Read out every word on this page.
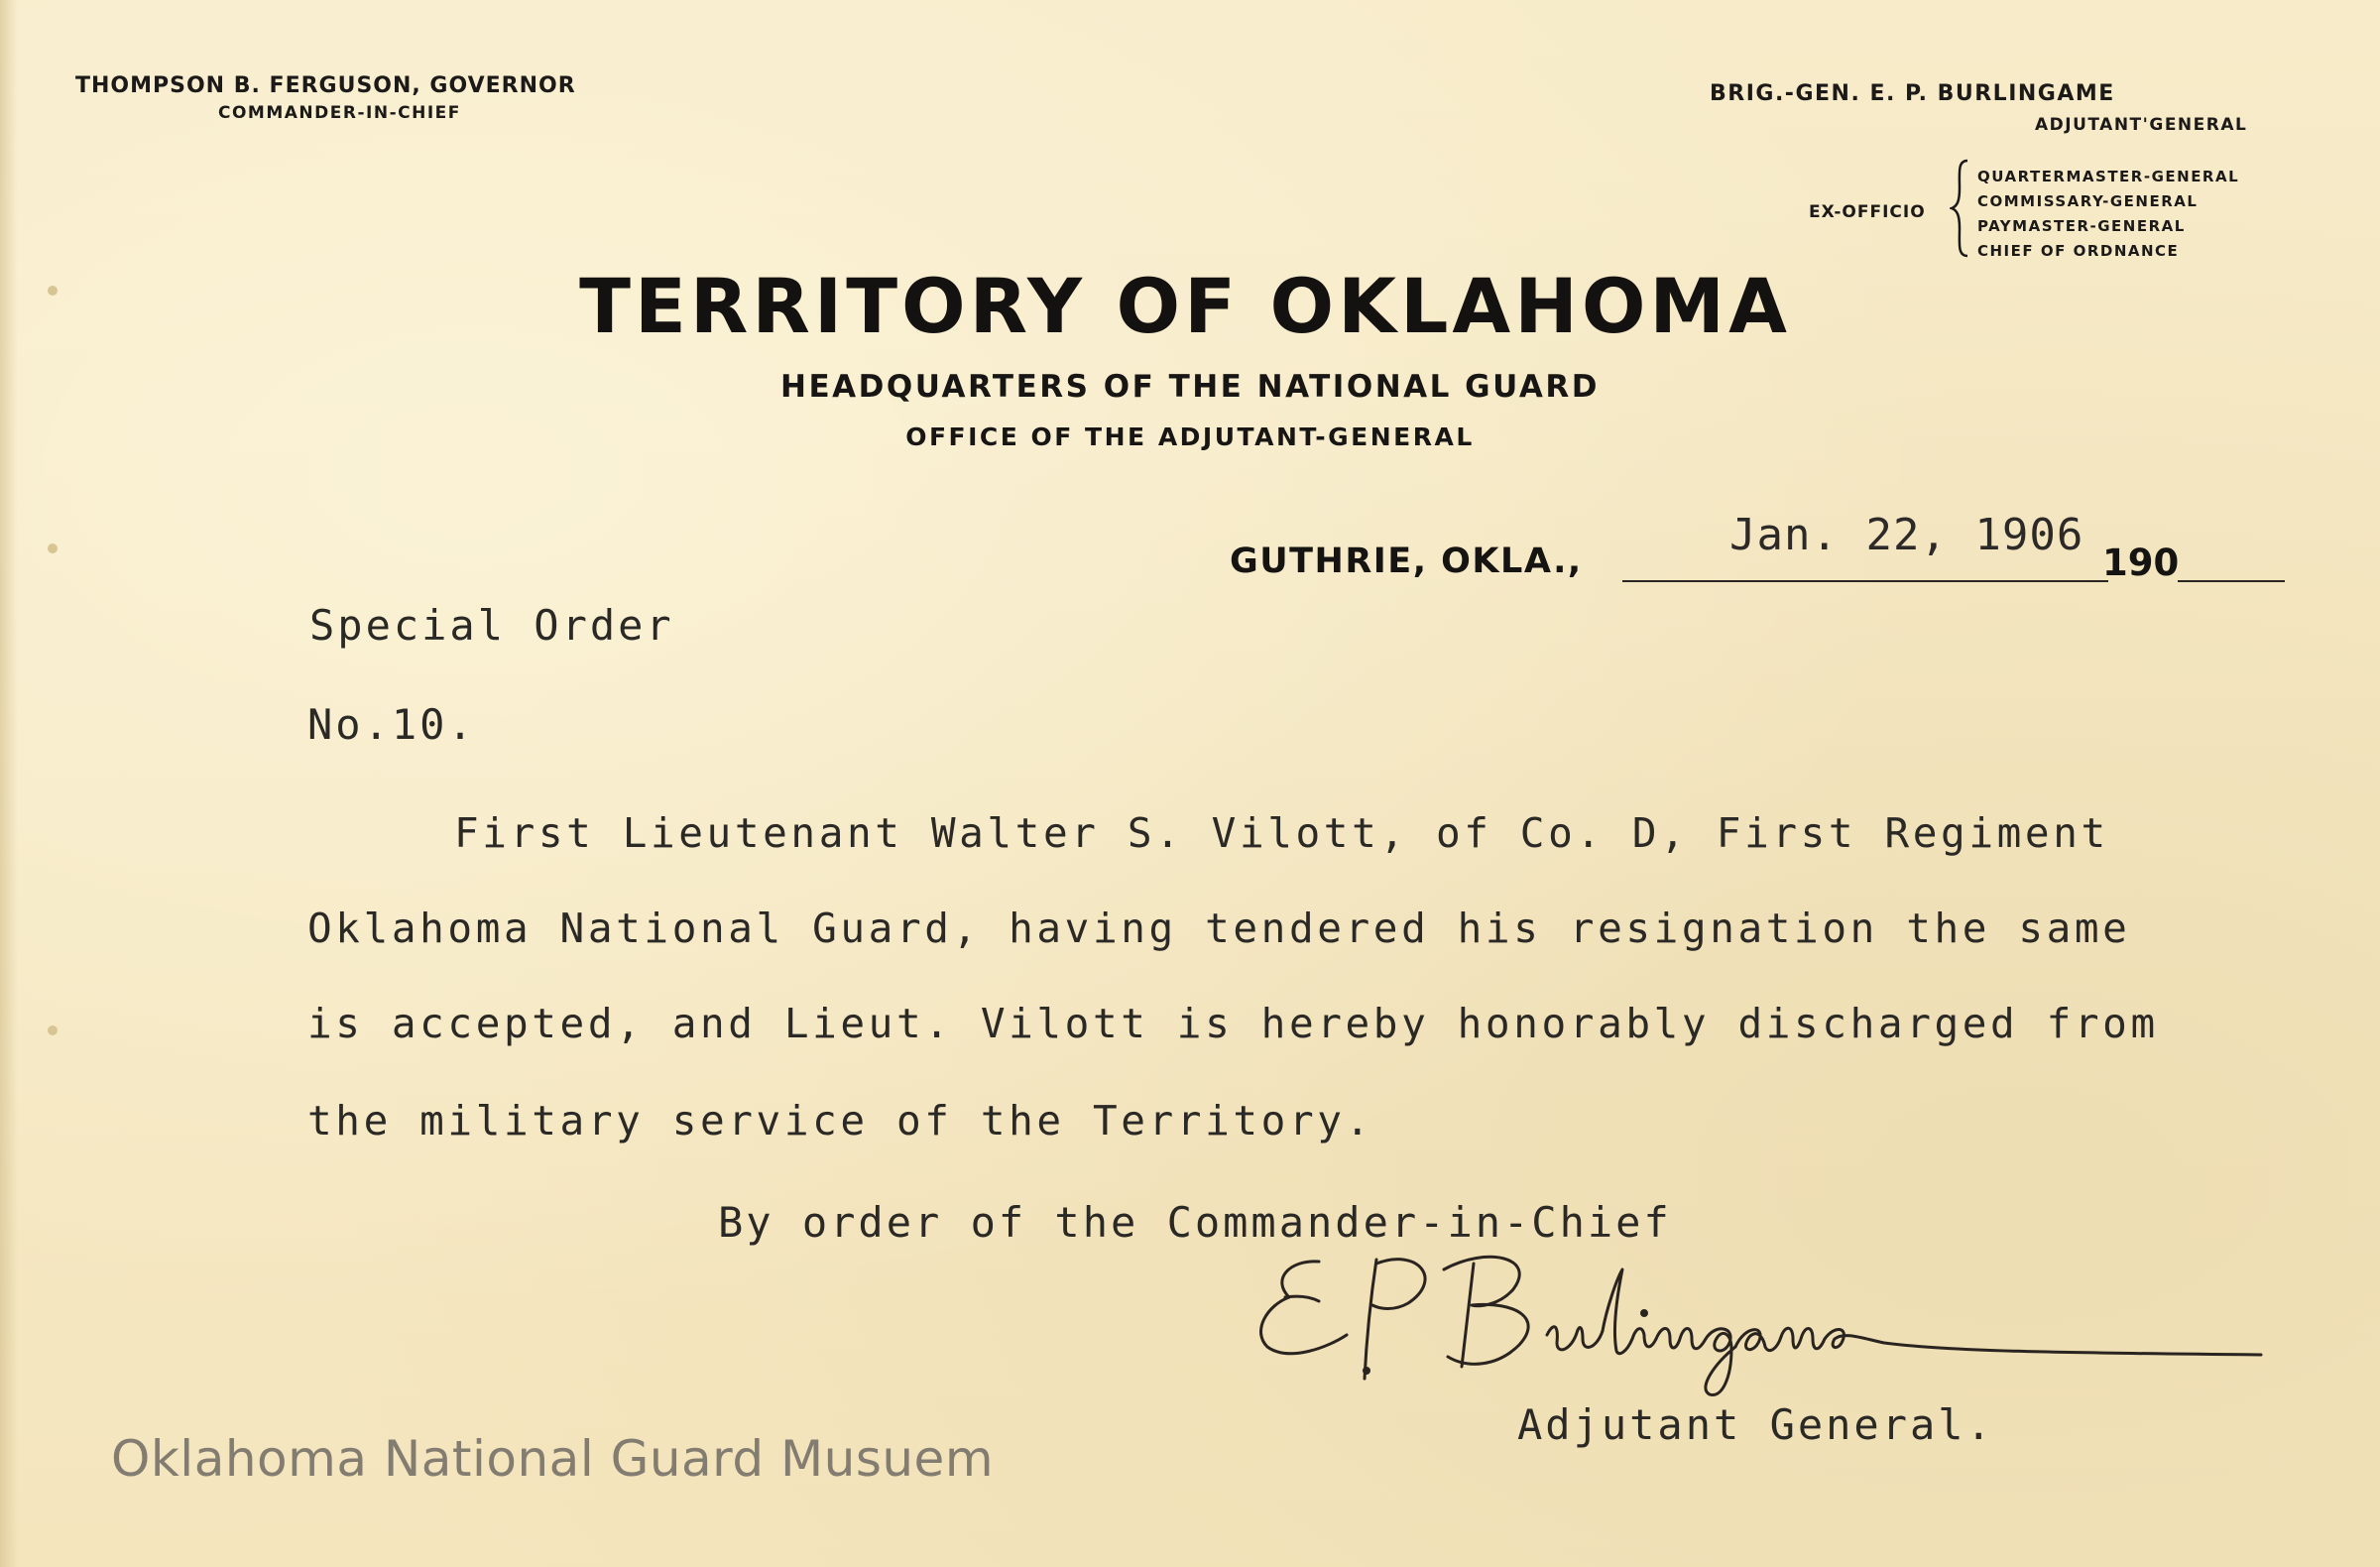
THOMPSON B. FERGUSON, GOVERNOR
COMMANDER-IN-CHIEF
BRIG.-GEN. E. P. BURLINGAME
ADJUTANT'GENERAL
EX-OFFICIO
QUARTERMASTER-GENERAL
COMMISSARY-GENERAL
PAYMASTER-GENERAL
CHIEF OF ORDNANCE
TERRITORY OF OKLAHOMA
HEADQUARTERS OF THE NATIONAL GUARD
OFFICE OF THE ADJUTANT-GENERAL
GUTHRIE, OKLA.,
Jan. 22, 1906
190
Special Order
No.10.
First Lieutenant Walter S. Vilott, of Co. D, First Regiment
Oklahoma National Guard, having tendered his resignation the same
is accepted, and Lieut. Vilott is hereby honorably discharged from
the military service of the Territory.
By order of the Commander-in-Chief
Adjutant General.
Oklahoma National Guard Musuem
